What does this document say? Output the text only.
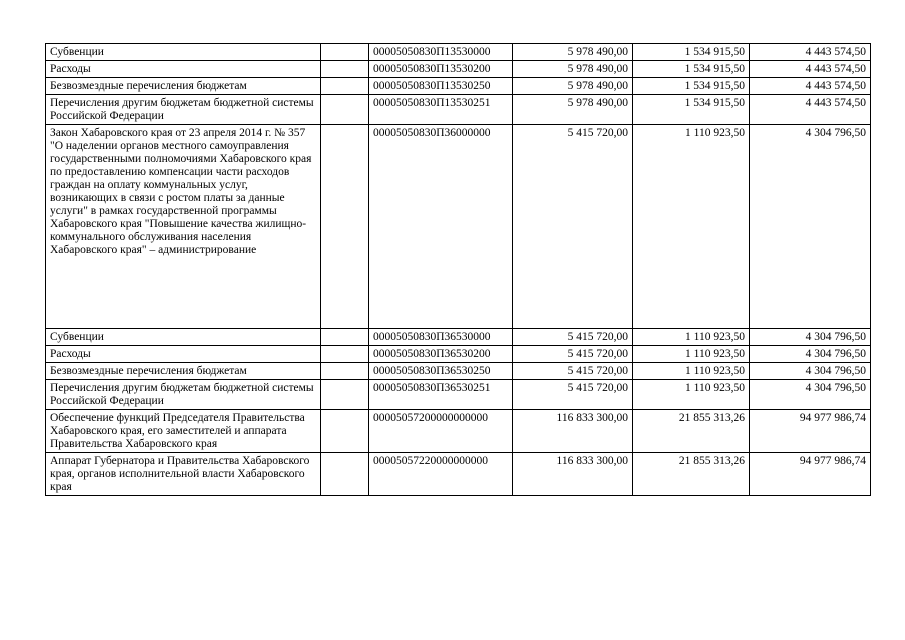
Субвенции		00005050830П13530000	5 978 490,00	1 534 915,50	4 443 574,50
Расходы		00005050830П13530200	5 978 490,00	1 534 915,50	4 443 574,50
Безвозмездные перечисления бюджетам		00005050830П13530250	5 978 490,00	1 534 915,50	4 443 574,50
Перечисления другим бюджетам бюджетной системы Российской Федерации		00005050830П13530251	5 978 490,00	1 534 915,50	4 443 574,50
Закон Хабаровского края от 23 апреля 2014 г. № 357 "О наделении органов местного самоуправления государственными полномочиями Хабаровского края по предоставлению компенсации части расходов граждан на оплату коммунальных услуг, возникающих в связи с ростом платы за данные услуги" в рамках государственной программы Хабаровского края "Повышение качества жилищно-коммунального обслуживания населения Хабаровского края" – администрирование		00005050830П36000000	5 415 720,00	1 110 923,50	4 304 796,50
Субвенции		00005050830П36530000	5 415 720,00	1 110 923,50	4 304 796,50
Расходы		00005050830П36530200	5 415 720,00	1 110 923,50	4 304 796,50
Безвозмездные перечисления бюджетам		00005050830П36530250	5 415 720,00	1 110 923,50	4 304 796,50
Перечисления другим бюджетам бюджетной системы Российской Федерации		00005050830П36530251	5 415 720,00	1 110 923,50	4 304 796,50
Обеспечение функций Председателя Правительства Хабаровского края, его заместителей и аппарата Правительства Хабаровского края		00005057200000000000	116 833 300,00	21 855 313,26	94 977 986,74
Аппарат Губернатора и Правительства Хабаровского края, органов исполнительной власти Хабаровского края		00005057220000000000	116 833 300,00	21 855 313,26	94 977 986,74
